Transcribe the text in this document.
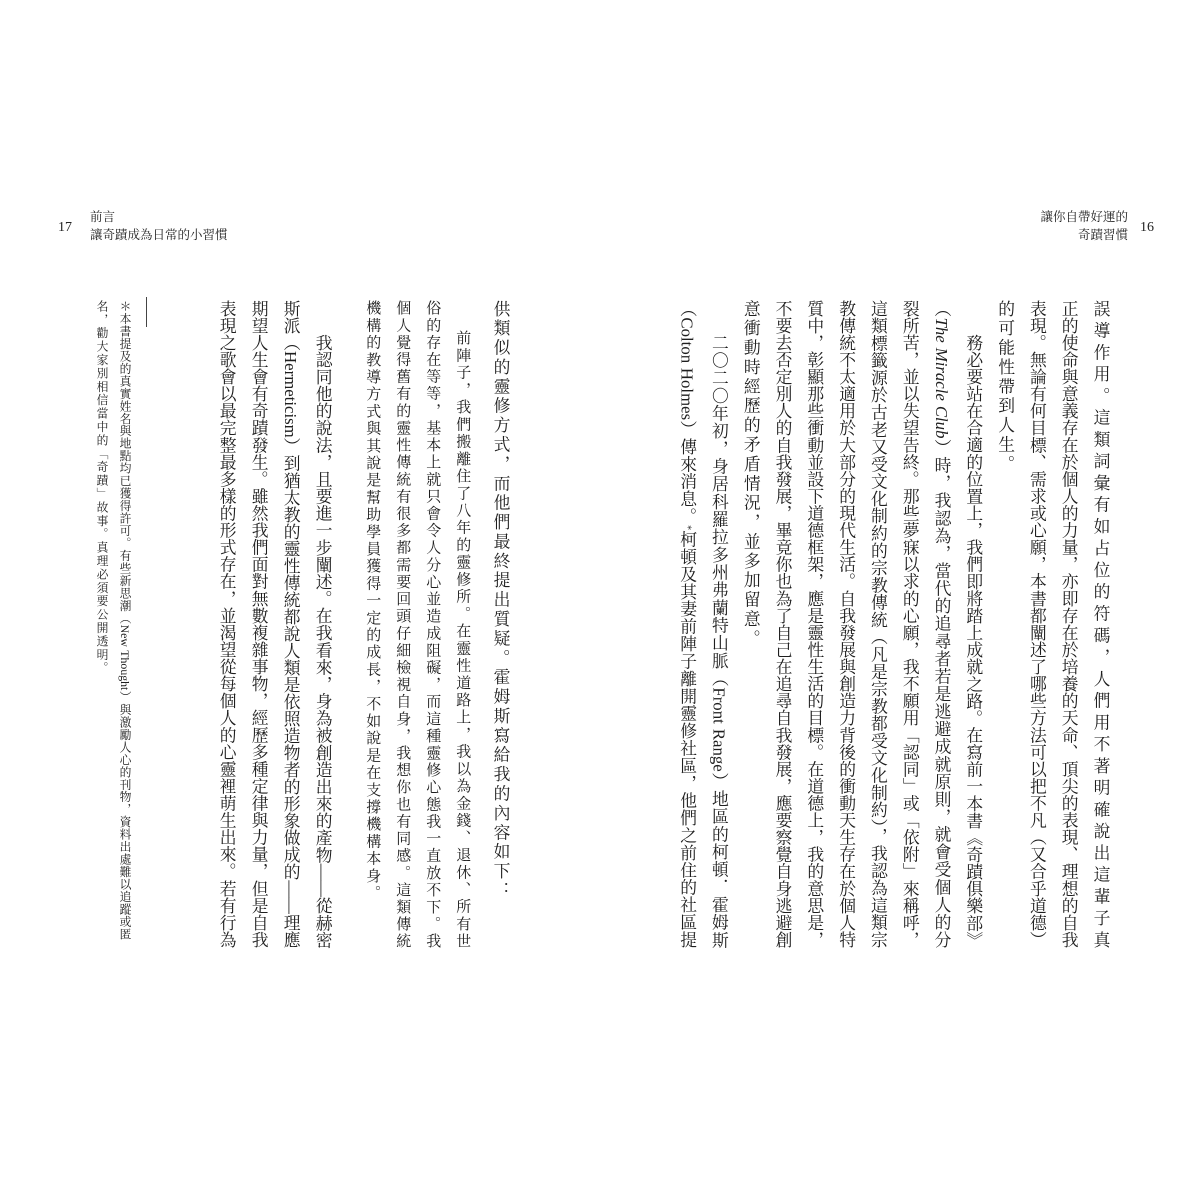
17
前言
讓奇蹟成為日常的小習慣
讓你自帶好運的
奇蹟習慣 16
誤導作用。這類詞彙有如占位的符碼，人們用不著明確說出這輩子真
正的使命與意義存在於個人的力量，亦即存在於培養的天命、頂尖的表現、理想的自我
表現。無論有何目標、需求或心願，本書都闡述了哪些方法可以把不凡（又合乎道德）
的可能性帶到人生。
務必要站在合適的位置上，我們即將踏上成就之路。在寫前一本書《奇蹟俱樂部》
（The Miracle Club）時，我認為，當代的追尋者若是逃避成就原則，就會受個人的分
裂所苦，並以失望告終。那些夢寐以求的心願，我不願用「認同」或「依附」來稱呼，
這類標籤源於古老又受文化制約的宗教傳統（凡是宗教都受文化制約），我認為這類宗
教傳統不太適用於大部分的現代生活。自我發展與創造力背後的衝動天生存在於個人特
質中，彰顯那些衝動並設下道德框架，應是靈性生活的目標。在道德上，我的意思是，
不要去否定別人的自我發展，畢竟你也為了自己在追尋自我發展，應要察覺自身逃避創
意衝動時經歷的矛盾情況，並多加留意。
二〇二〇年初，身居科羅拉多州弗蘭特山脈（Front Range）地區的柯頓．霍姆斯
（Colton Holmes）傳來消息。*柯頓及其妻前陣子離開靈修社區，他們之前住的社區提
供類似的靈修方式，而他們最終提出質疑。霍姆斯寫給我的內容如下：
前陣子，我們搬離住了八年的靈修所。在靈性道路上，我以為金錢、退休、所有世
俗的存在等等，基本上就只會令人分心並造成阻礙，而這種靈修心態我一直放不下。我
個人覺得舊有的靈性傳統有很多都需要回頭仔細檢視自身，我想你也有同感。這類傳統
機構的教導方式與其說是幫助學員獲得一定的成長，不如說是在支撐機構本身。
我認同他的說法，且要進一步闡述。在我看來，身為被創造出來的產物——從赫密
斯派（Hermeticism）到猶太教的靈性傳統都說人類是依照造物者的形象做成的——理應
期望人生會有奇蹟發生。雖然我們面對無數複雜事物，經歷多種定律與力量，但是自我
表現之歌會以最完整最多樣的形式存在，並渴望從每個人的心靈裡萌生出來。若有行為
＊本書提及的真實姓名與地點均已獲得許可。有些新思潮（New Thought）與激勵人心的刊物，資料出處難以追蹤或匿
名，勸大家別相信當中的「奇蹟」故事。真理必須要公開透明。
